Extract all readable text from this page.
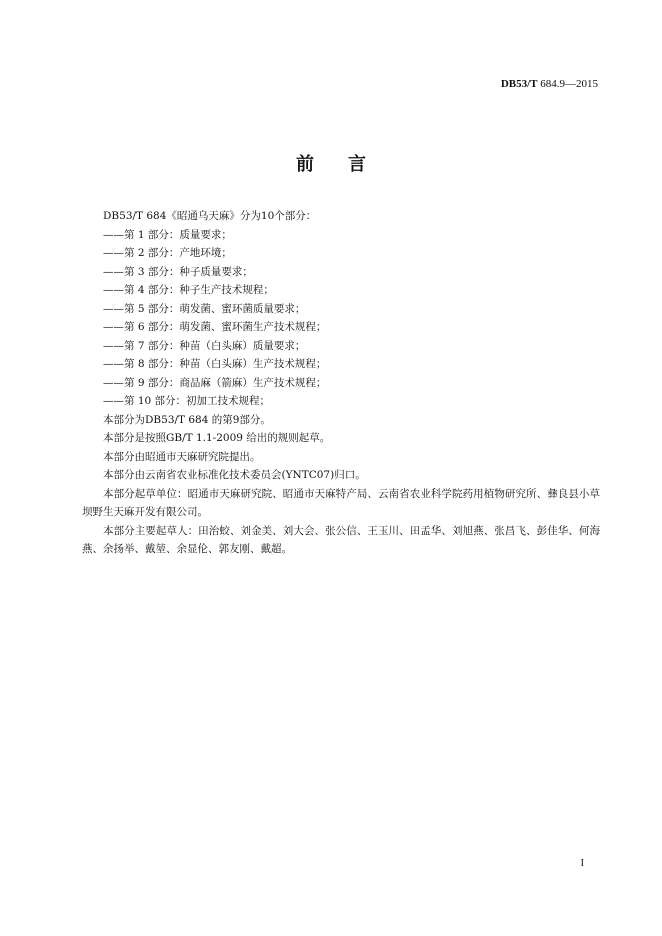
DB53/T 684.9—2015
前言
DB53/T 684《昭通乌天麻》分为10个部分：
——第 1 部分：质量要求；
——第 2 部分：产地环境；
——第 3 部分：种子质量要求；
——第 4 部分：种子生产技术规程；
——第 5 部分：萌发菌、蜜环菌质量要求；
——第 6 部分：萌发菌、蜜环菌生产技术规程；
——第 7 部分：种苗（白头麻）质量要求；
——第 8 部分：种苗（白头麻）生产技术规程；
——第 9 部分：商品麻（箭麻）生产技术规程；
——第 10 部分：初加工技术规程；
本部分为DB53/T 684 的第9部分。
本部分是按照GB/T 1.1-2009 给出的规则起草。
本部分由昭通市天麻研究院提出。
本部分由云南省农业标准化技术委员会(YNTC07)归口。
本部分起草单位：昭通市天麻研究院、昭通市天麻特产局、云南省农业科学院药用植物研究所、彝良县小草坝野生天麻开发有限公司。
本部分主要起草人：田治蛟、刘金美、刘大会、张公信、王玉川、田孟华、刘旭燕、张昌飞、彭佳华、何海燕、余扬举、戴堃、余显伦、郭友刚、戴超。
I
